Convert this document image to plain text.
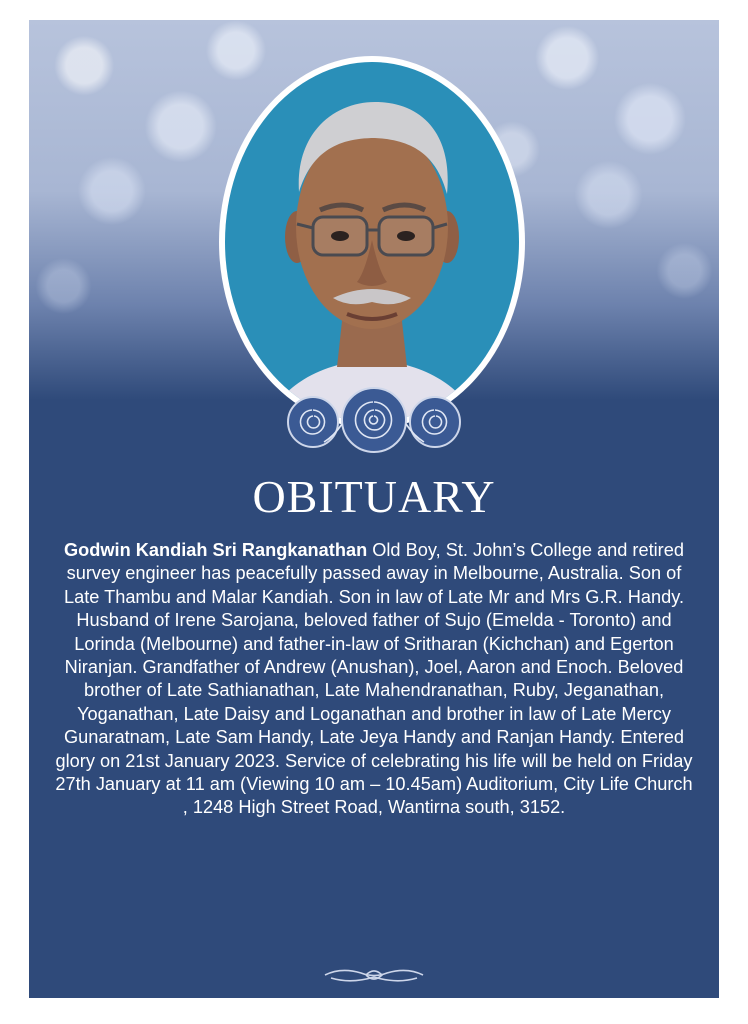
OBITUARY

Godwin Kandiah Sri Rangkanathan Old Boy, St. John’s College and retired survey engineer has peacefully passed away in Melbourne, Australia. Son of Late Thambu and Malar Kandiah. Son in law of Late Mr and Mrs G.R. Handy. Husband of Irene Sarojana, beloved father of Sujo (Emelda - Toronto) and Lorinda (Melbourne) and father-in-law of Sritharan (Kichchan) and Egerton Niranjan. Grandfather of Andrew (Anushan), Joel, Aaron and Enoch. Beloved brother of Late Sathianathan, Late Mahendranathan, Ruby, Jeganathan, Yoganathan, Late Daisy and Loganathan and brother in law of Late Mercy Gunaratnam, Late Sam Handy, Late Jeya Handy and Ranjan Handy. Entered glory on 21st January 2023. Service of celebrating his life will be held on Friday 27th January at 11 am (Viewing 10 am – 10.45am) Auditorium, City Life Church , 1248 High Street Road, Wantirna south, 3152.
